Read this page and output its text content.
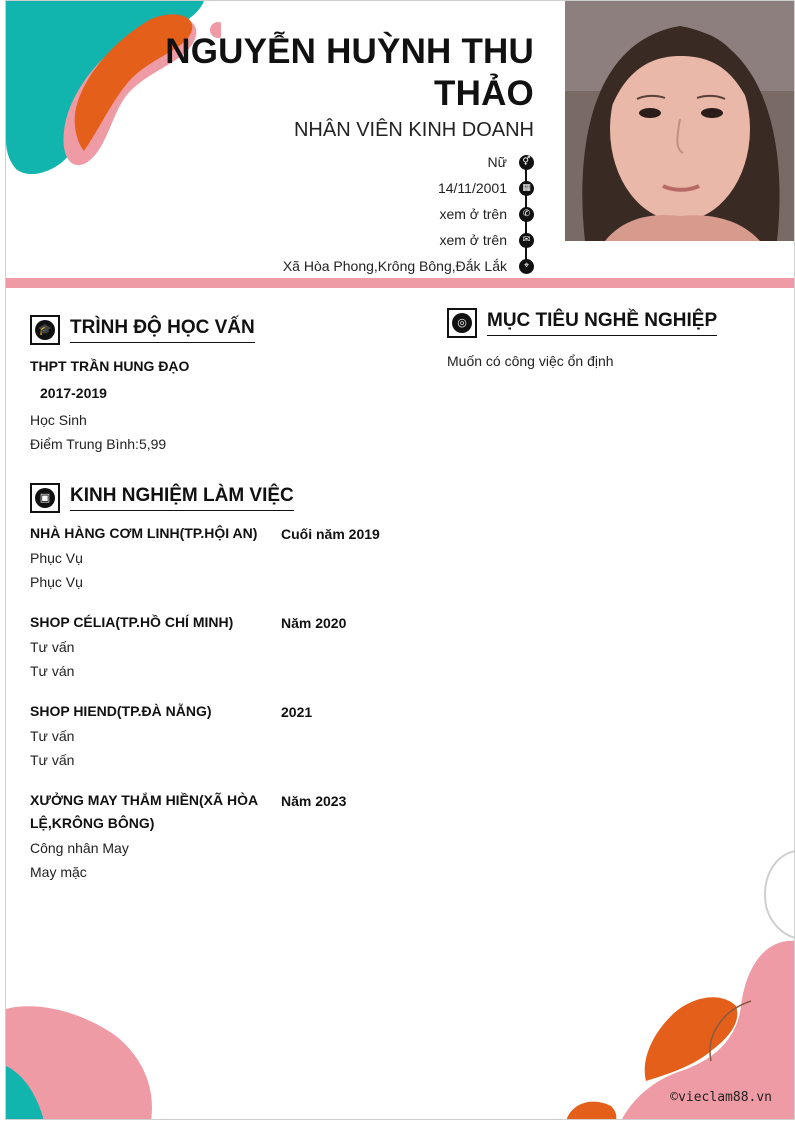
NGUYỄN HUỲNH THU
THẢO
NHÂN VIÊN KINH DOANH
Nữ	⚥
14/11/2001	▦
xem ở trên	✆
xem ở trên	✉
Xã Hòa Phong,Krông Bông,Đắk Lắk	⌖
🎓 TRÌNH ĐỘ HỌC VẤN
THPT TRẦN HUNG ĐẠO
2017-2019
Học Sinh
Điểm Trung Bình:5,99
◎ MỤC TIÊU NGHỀ NGHIỆP
Muốn có công việc ổn định
▣ KINH NGHIỆM LÀM VIỆC
NHÀ HÀNG CƠM LINH(TP.HỘI AN)	Cuối năm 2019
Phục Vụ
Phục Vụ
SHOP CÉLIA(TP.HỒ CHÍ MINH)	Năm 2020
Tư vấn
Tư ván
SHOP HIEND(TP.ĐÀ NẴNG)	2021
Tư vấn
Tư vấn
XƯỞNG MAY THẮM HIỀN(XÃ HÒA LỆ,KRÔNG BÔNG)
Năm 2023
Công nhân May
May mặc
©vieclam88.vn
